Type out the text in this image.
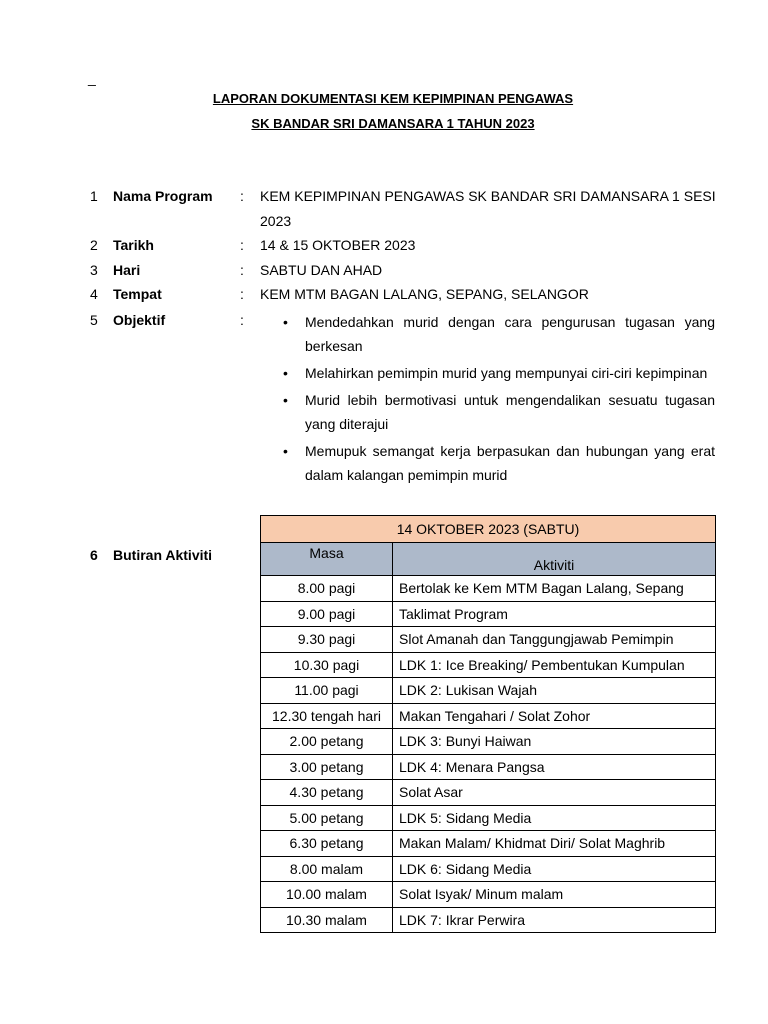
_
LAPORAN DOKUMENTASI KEM KEPIMPINAN PENGAWAS
SK BANDAR SRI DAMANSARA 1 TAHUN 2023
1 Nama Program : KEM KEPIMPINAN PENGAWAS SK BANDAR SRI DAMANSARA 1 SESI 2023
2 Tarikh	: 14 & 15 OKTOBER 2023
3 Hari	: SABTU DAN AHAD
4 Tempat	: KEM MTM BAGAN LALANG, SEPANG, SELANGOR
5 Objektif	:	• Mendedahkan murid dengan cara pengurusan tugasan yang berkesan
• Melahirkan pemimpin murid yang mempunyai ciri-ciri kepimpinan
• Murid lebih bermotivasi untuk mengendalikan sesuatu tugasan yang diterajui
• Memupuk semangat kerja berpasukan dan hubungan yang erat dalam kalangan pemimpin murid
6 Butiran Aktiviti
14 OKTOBER 2023 (SABTU)	
Masa	Aktiviti
8.00 pagi	Bertolak ke Kem MTM Bagan Lalang, Sepang
9.00 pagi	Taklimat Program
9.30 pagi	Slot Amanah dan Tanggungjawab Pemimpin
10.30 pagi	LDK 1: Ice Breaking/ Pembentukan Kumpulan
11.00 pagi	LDK 2: Lukisan Wajah
12.30 tengah hari	Makan Tengahari / Solat Zohor
2.00 petang	LDK 3: Bunyi Haiwan
3.00 petang	LDK 4: Menara Pangsa
4.30 petang	Solat Asar
5.00 petang	LDK 5: Sidang Media
6.30 petang	Makan Malam/ Khidmat Diri/ Solat Maghrib
8.00 malam	LDK 6: Sidang Media
10.00 malam	Solat Isyak/ Minum malam
10.30 malam	LDK 7: Ikrar Perwira
